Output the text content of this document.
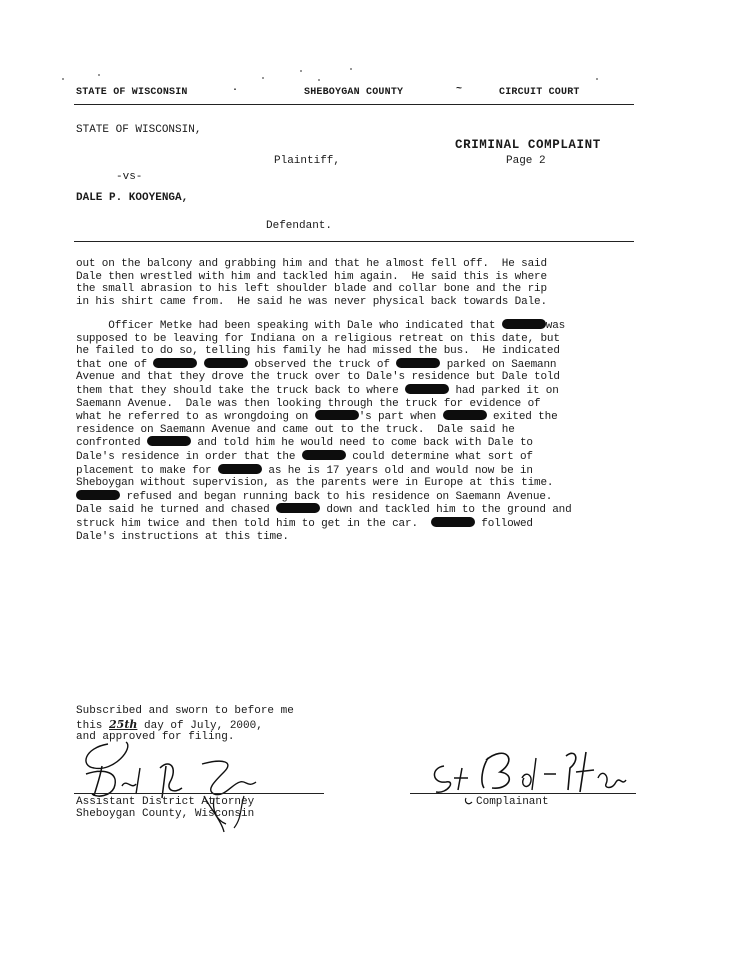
STATE OF WISCONSIN	·	SHEBOYGAN COUNTY	~	CIRCUIT COURT
STATE OF WISCONSIN,
CRIMINAL COMPLAINT
Plaintiff,	Page 2
-vs-
DALE P. KOOYENGA,
Defendant.
out on the balcony and grabbing him and that he almost fell off.  He said
Dale then wrestled with him and tackled him again.  He said this is where
the small abrasion to his left shoulder blade and collar bone and the rip
in his shirt came from.  He said he was never physical back towards Dale.
Officer Metke had been speaking with Dale who indicated that	was
supposed to be leaving for Indiana on a religious retreat on this date, but
he failed to do so, telling his family he had missed the bus.  He indicated
that one of	observed the truck of	parked on Saemann
Avenue and that they drove the truck over to Dale's residence but Dale told
them that they should take the truck back to where	had parked it on
Saemann Avenue.  Dale was then looking through the truck for evidence of
what he referred to as wrongdoing on	's part when	exited the
residence on Saemann Avenue and came out to the truck.  Dale said he
confronted	and told him he would need to come back with Dale to
Dale's residence in order that the	could determine what sort of
placement to make for	as he is 17 years old and would now be in
Sheboygan without supervision, as the parents were in Europe at this time.
refused and began running back to his residence on Saemann Avenue.
Dale said he turned and chased	down and tackled him to the ground and
struck him twice and then told him to get in the car.	followed
Dale's instructions at this time.
Subscribed and sworn to before me
this 25th day of July, 2000,
and approved for filing.
Assistant District Attorney
Sheboygan County, Wisconsin
Complainant
